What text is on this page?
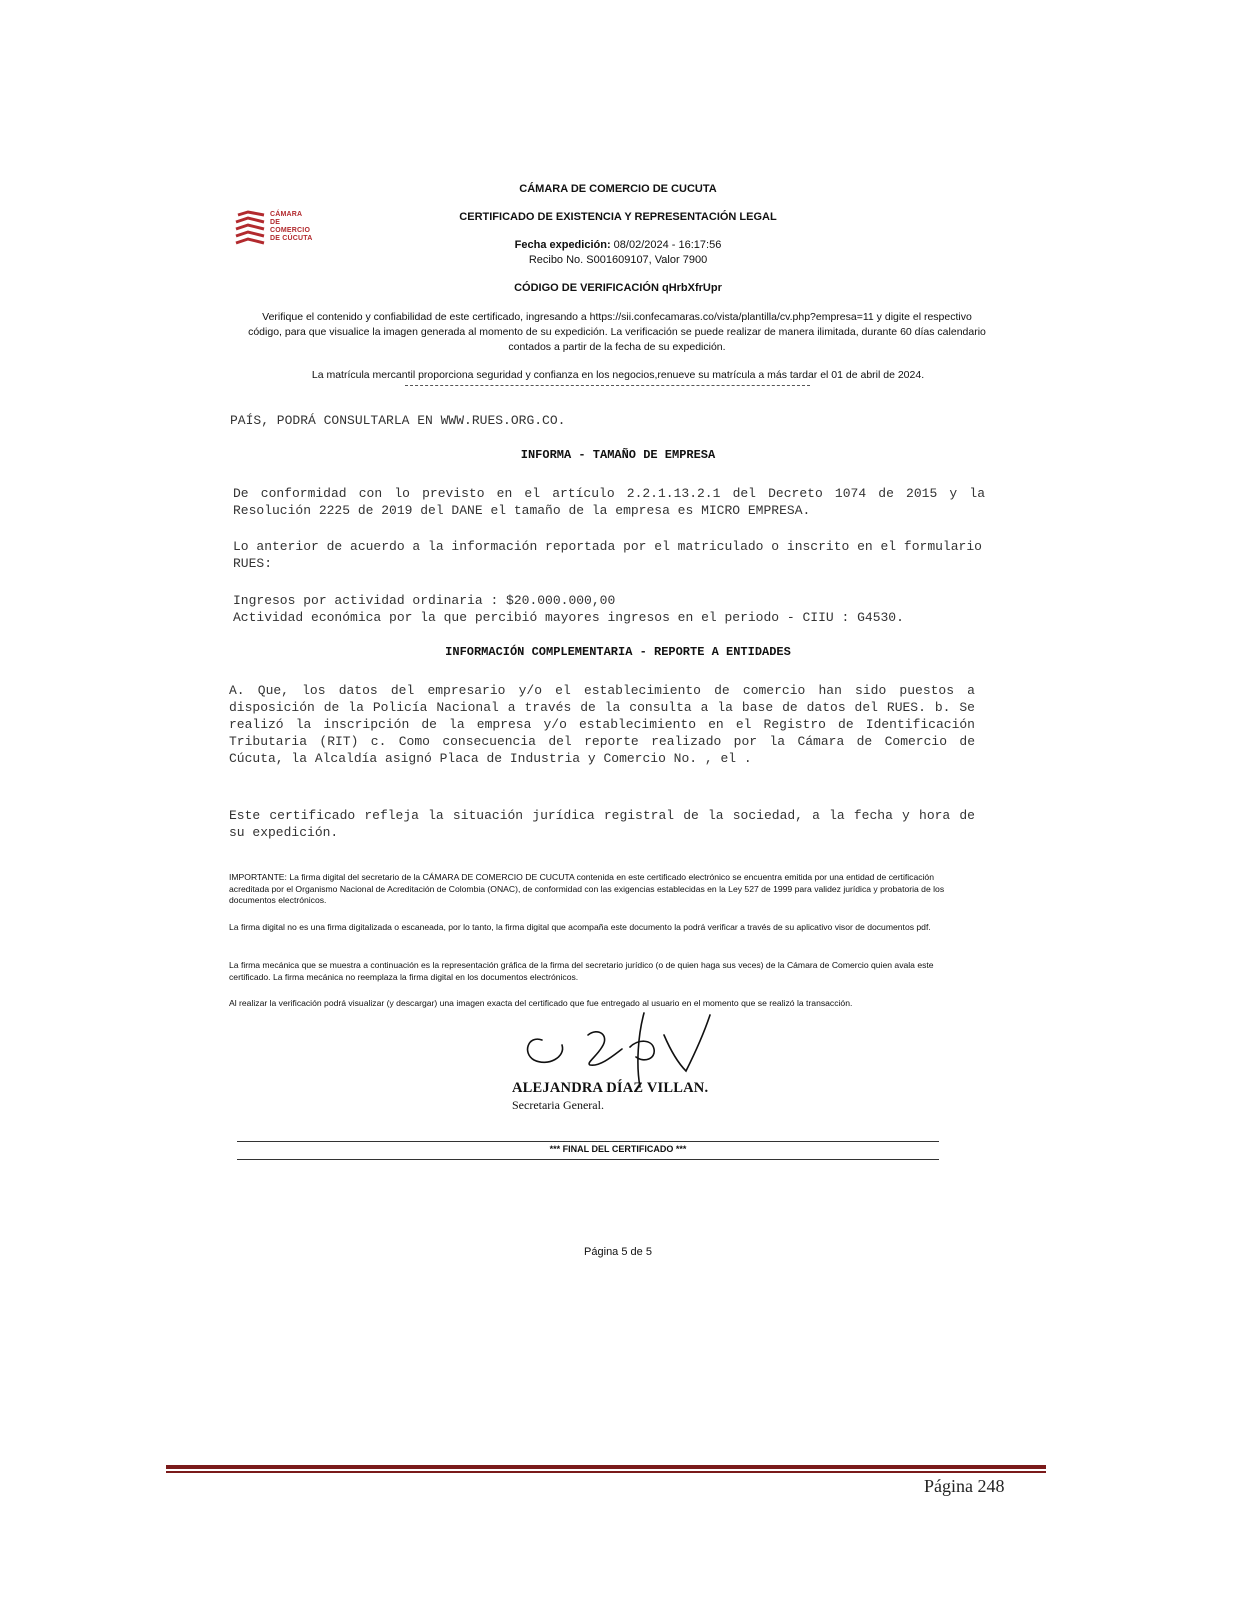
CÁMARA DE COMERCIO DE CUCUTA
CÁMARA DE
COMERCIO
DE CÚCUTA
CERTIFICADO DE EXISTENCIA Y REPRESENTACIÓN LEGAL
Fecha expedición: 08/02/2024 - 16:17:56
Recibo No. S001609107, Valor 7900
CÓDIGO DE VERIFICACIÓN qHrbXfrUpr
Verifique el contenido y confiabilidad de este certificado, ingresando a https://sii.confecamaras.co/vista/plantilla/cv.php?empresa=11 y digite el respectivo código, para que visualice la imagen generada al momento de su expedición. La verificación se puede realizar de manera ilimitada, durante 60 días calendario contados a partir de la fecha de su expedición.
La matrícula mercantil proporciona seguridad y confianza en los negocios,renueve su matrícula a más tardar el 01 de abril de 2024.
PAÍS, PODRÁ CONSULTARLA EN WWW.RUES.ORG.CO.
INFORMA - TAMAÑO DE EMPRESA
De conformidad con lo previsto en el artículo 2.2.1.13.2.1 del Decreto 1074 de 2015 y la Resolución 2225 de 2019 del DANE el tamaño de la empresa es MICRO EMPRESA.
Lo anterior de acuerdo a la información reportada por el matriculado o inscrito en el formulario RUES:
Ingresos por actividad ordinaria : $20.000.000,00
Actividad económica por la que percibió mayores ingresos en el periodo - CIIU : G4530.
INFORMACIÓN COMPLEMENTARIA - REPORTE A ENTIDADES
A. Que, los datos del empresario y/o el establecimiento de comercio han sido puestos a disposición de la Policía Nacional a través de la consulta a la base de datos del RUES. b. Se realizó la inscripción de la empresa y/o establecimiento en el Registro de Identificación Tributaria (RIT) c. Como consecuencia del reporte realizado por la Cámara de Comercio de Cúcuta, la Alcaldía asignó Placa de Industria y Comercio No. , el .
Este certificado refleja la situación jurídica registral de la sociedad, a la fecha y hora de su expedición.
IMPORTANTE: La firma digital del secretario de la CÁMARA DE COMERCIO DE CUCUTA contenida en este certificado electrónico se encuentra emitida por una entidad de certificación acreditada por el Organismo Nacional de Acreditación de Colombia (ONAC), de conformidad con las exigencias establecidas en la Ley 527 de 1999 para validez jurídica y probatoria de los documentos electrónicos.
La firma digital no es una firma digitalizada o escaneada, por lo tanto, la firma digital que acompaña este documento la podrá verificar a través de su aplicativo visor de documentos pdf.
La firma mecánica que se muestra a continuación es la representación gráfica de la firma del secretario jurídico (o de quien haga sus veces) de la Cámara de Comercio quien avala este certificado. La firma mecánica no reemplaza la firma digital en los documentos electrónicos.
Al realizar la verificación podrá visualizar (y descargar) una imagen exacta del certificado que fue entregado al usuario en el momento que se realizó la transacción.
ALEJANDRA DÍAZ VILLAN.
Secretaria General.
*** FINAL DEL CERTIFICADO ***
Página 5 de 5
Página 248
